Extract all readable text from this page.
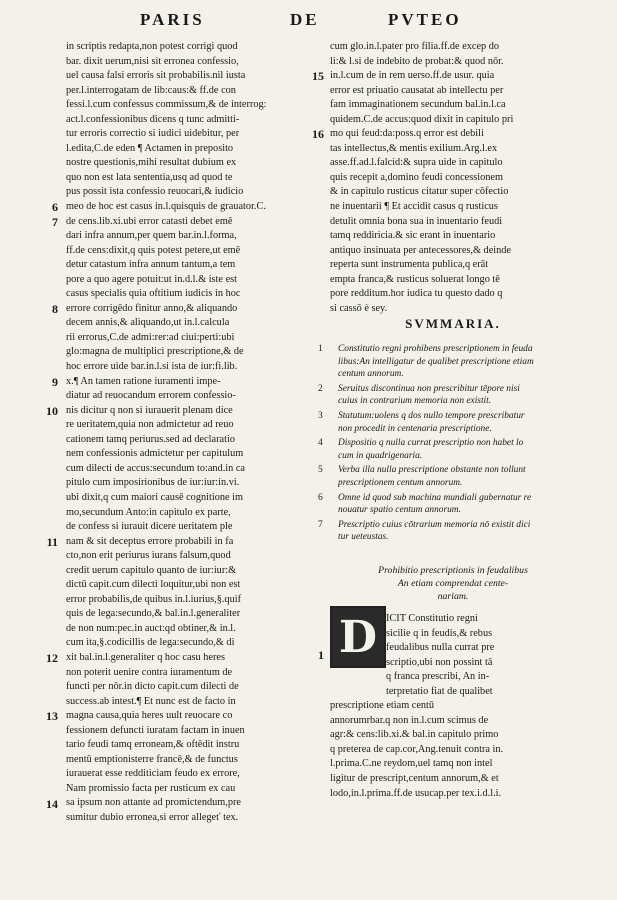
PARIS	DE	PVTEO
in scriptis redapta,non potest corrigi quod
bar. dixit uerum,nisi sit erronea confessio,
uel causa falsi erroris sit probabilis.nil iusta
per.l.interrogatam de lib:caus:& ff.de con
fessi.l.cum confessus commissum,& de interrog:
act.l.confessionibus dicens q tunc admitti-
tur erroris correctio si iudici uidebitur, per
l.edita,C.de eden ¶ Actamen in preposito
nostre questionis,mihi resultat dubium ex
quo non est lata sententia,usq ad quod te
pus possit ista confessio reuocari,& iudicio
meo de hoc est casus in.l.quisquis de grauator.C.
de cens.lib.xi.ubi error catasti debet emē
dari infra annum,per quem bar.in.l.forma,
ff.de cens:dixit,q quis potest petere,ut emē
detur catastum infra annum tantum,a tem
pore a quo agere potuit:ut in.d.l.& iste est
casus specialis quia oftitium iudicis in hoc
errore corrigēdo finitur anno,& aliquando
decem annis,& aliquando,ut in.l.calcula
rii errorus,C.de admi:rer:ad ciui:perti:ubi
glo:magna de multiplici prescriptione,& de
hoc errore uide bar.in.l.si ista de iur:fi.lib.
x.¶ An tamen ratione iuramenti impe-
diatur ad reuocandum errorem confessio-
nis dicitur q non si iurauerit plenam dice
re ueritatem,quia non admictetur ad reuo
cationem tamq periurus.sed ad declaratio
nem confessionis admictetur per capitulum
cum dilecti de accus:secundum to:and.in ca
pitulo cum imposirionibus de iur:iur:in.vi.
ubi dixit,q cum maiori causē cognitione im
mo,secundum Anto:in capitulo ex parte,
de confess si iurauit dicere ueritatem ple
nam & sit deceptus errore probabili in fa
cto,non erit periurus iurans falsum,quod
credit uerum capitulo quanto de iur:iur:&
dictū capit.cum dilecti loquitur,ubi non est
error probabilis,de quibus in.l.iurius,§.quif
quis de lega:secundo,& bal.in.l.generaliter
de non num:pec.in auct:qd obtiner,& in.l.
cum ita,§.codicillis de lega:secundo,& di
xit bal.in.l.generaliter q hoc casu heres
non poterit uenire contra iuramentum de
functi per nōr.in dicto capit.cum dilecti de
success.ab intest.¶ Et nunc est de facto in
magna causa,quia heres uult reuocare co
fessionem defuncti iuratam factam in inuen
tario feudi tamq erroneam,& oftēdit instru
mentū emptionisterre francē,& de functus
iurauerat esse redditiciam feudo ex errore,
Nam promissio facta per rusticum ex cau
sa ipsum non attante ad promictendum,pre
sumitur dubio erronea,si error allegeť tex.
6
7
8
9
10
11
12
13
14
cum glo.in.l.pater pro filia.ff.de excep do
li:& l.si de indebito de probat:& quod nōr.
in.l.cum de in rem uerso.ff.de usur. quia
error est priuatio causatat ab intellectu per
fam immaginationem secundum bal.in.l.ca
quidem.C.de accus:quod dixit in capitulo pri
mo qui feud:da:poss.q error est debili
tas intellectus,& mentis exilium.Arg.l.ex
asse.ff.ad.l.falcid:& supra uide in capitulo
quis recepit a,domino feudi concessionem
& in capitulo rusticus citatur super cōfectio
ne inuentarii ¶ Et accidit casus q rusticus
detulit omnia bona sua in inuentario feudi
tamq reddiricia.& sic erant in inuentario
antiquo insinuata per antecessores,& deinde
reperta sunt instrumenta publica,q erāt
empta franca,& rusticus soluerat longo tē
pore redditum.hor iudica tu questo dado q
si cassō è sey.
15
16
SVMMARIA.
1 Constitutio regni prohibens prescriptionem in feuda
libus:An intelligatur de qualibet prescriptione etiam
centum annorum.
2 Seruitus discontinua non prescribitur tēpore nisi
cuius in contrarium memoria non existit.
3 Statutum:uolens q dos nullo tempore prescribatur
non procedit in centenaria prescriptione.
4 Dispositio q nulla currat prescriptio non habet lo
cum in quadrigenaria.
5 Verba illa nulla prescriptione obstante non tollunt
prescriptionem centum annorum.
6 Omne id quod sub machina mundiali gubernatur re
nouatur spatio centum annorum.
7 Prescriptio cuius cōtrarium memoria nō existit dici
tur ueteustas.
Prohibitio prescriptionis in feudalibus
An etiam comprendat cente-
nariam.
D
1
ICIT Constitutio regni
sicilie q in feudis,& rebus
feudalibus nulla currat pre
scriptio,ubi non possint tā
q franca prescribi, An in-
terpretatio fiat de qualibet
prescriptione etiam centū
annorumrbar.q non in.l.cum scimus de
agr:& cens:lib.xi.& bal.in capitulo primo
q preterea de cap.cor,Ang.tenuit contra in.
l.prima.C.ne reydom,uel tamq non intel
ligitur de prescript,centum annorum,& et
lodo,in.l.prima.ff.de usucap.per tex.i.d.l.i.
